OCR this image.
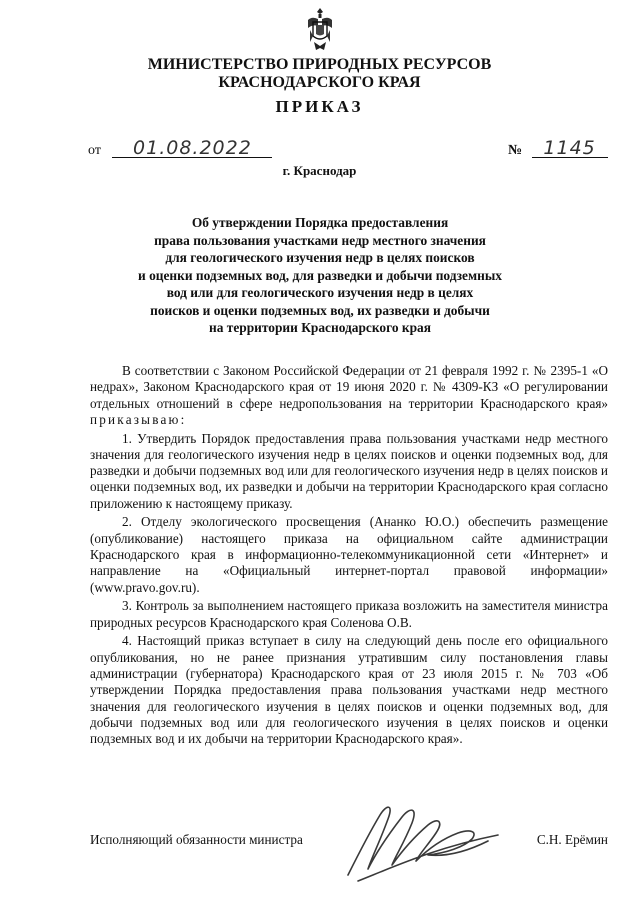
МИНИСТЕРСТВО ПРИРОДНЫХ РЕСУРСОВ
КРАСНОДАРСКОГО КРАЯ
ПРИКАЗ
от 01.08.2022	№ 1145
г. Краснодар
Об утверждении Порядка предоставления
права пользования участками недр местного значения
для геологического изучения недр в целях поисков
и оценки подземных вод, для разведки и добычи подземных
вод или для геологического изучения недр в целях
поисков и оценки подземных вод, их разведки и добычи
на территории Краснодарского края

В соответствии с Законом Российской Федерации от 21 февраля 1992 г. № 2395-1 «О недрах», Законом Краснодарского края от 19 июня 2020 г. № 4309-КЗ «О регулировании отдельных отношений в сфере недропользования на территории Краснодарского края» приказываю:

1. Утвердить Порядок предоставления права пользования участками недр местного значения для геологического изучения недр в целях поисков и оценки подземных вод, для разведки и добычи подземных вод или для геологического изучения недр в целях поисков и оценки подземных вод, их разведки и добычи на территории Краснодарского края согласно приложению к настоящему приказу.

2. Отделу экологического просвещения (Ананко Ю.О.) обеспечить размещение (опубликование) настоящего приказа на официальном сайте администрации Краснодарского края в информационно-телекоммуникационной сети «Интернет» и направление на «Официальный интернет-портал правовой информации» (www.pravo.gov.ru).

3. Контроль за выполнением настоящего приказа возложить на заместителя министра природных ресурсов Краснодарского края Соленова О.В.

4. Настоящий приказ вступает в силу на следующий день после его официального опубликования, но не ранее признания утратившим силу постановления главы администрации (губернатора) Краснодарского края от 23 июля 2015 г. № 703 «Об утверждении Порядка предоставления права пользования участками недр местного значения для геологического изучения в целях поисков и оценки подземных вод, для добычи подземных вод или для геологического изучения в целях поисков и оценки подземных вод и их добычи на территории Краснодарского края».

Исполняющий обязанности министра	С.Н. Ерёмин
